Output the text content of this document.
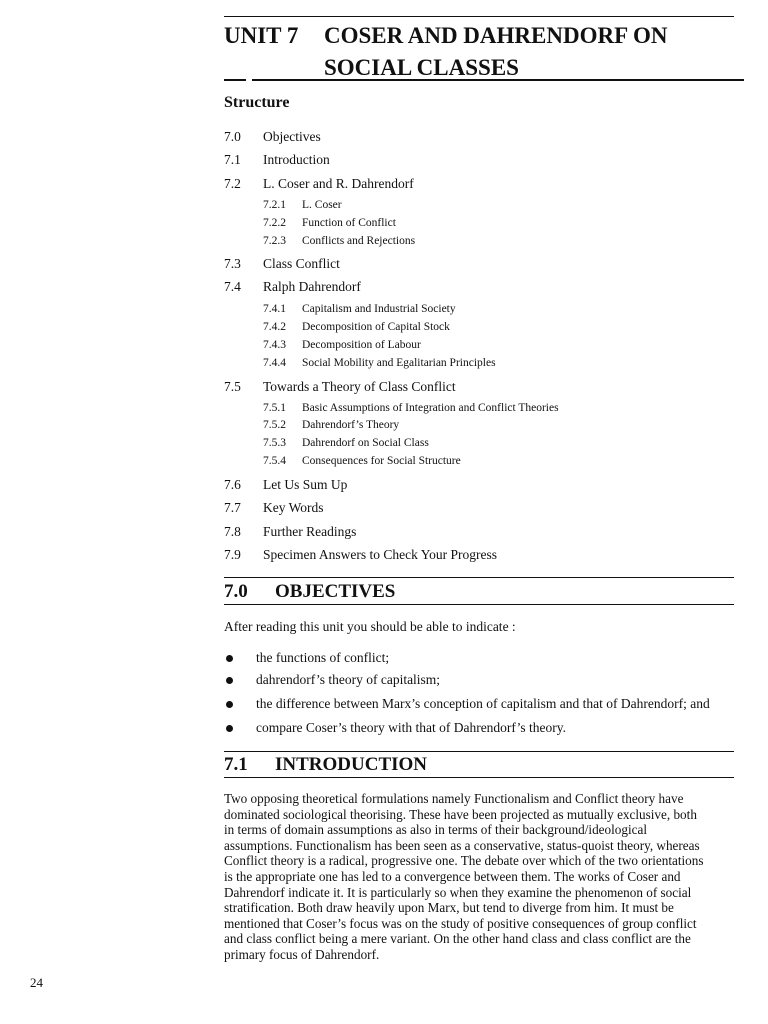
UNIT 7 COSER AND DAHRENDORF ON
SOCIAL CLASSES
Structure
7.0 Objectives
7.1 Introduction
7.2 L. Coser and R. Dahrendorf
7.2.1 L. Coser
7.2.2 Function of Conflict
7.2.3 Conflicts and Rejections
7.3 Class Conflict
7.4 Ralph Dahrendorf
7.4.1 Capitalism and Industrial Society
7.4.2 Decomposition of Capital Stock
7.4.3 Decomposition of Labour
7.4.4 Social Mobility and Egalitarian Principles
7.5 Towards a Theory of Class Conflict
7.5.1 Basic Assumptions of Integration and Conflict Theories
7.5.2 Dahrendorf’s Theory
7.5.3 Dahrendorf on Social Class
7.5.4 Consequences for Social Structure
7.6 Let Us Sum Up
7.7 Key Words
7.8 Further Readings
7.9 Specimen Answers to Check Your Progress
7.0 OBJECTIVES
After reading this unit you should be able to indicate :
the functions of conflict;
dahrendorf’s theory of capitalism;
the difference between Marx’s conception of capitalism and that of Dahrendorf; and
compare Coser’s theory with that of Dahrendorf’s theory.
7.1 INTRODUCTION
Two opposing theoretical formulations namely Functionalism and Conflict theory have
dominated sociological theorising. These have been projected as mutually exclusive, both
in terms of domain assumptions as also in terms of their background/ideological
assumptions. Functionalism has been seen as a conservative, status-quoist theory, whereas
Conflict theory is a radical, progressive one. The debate over which of the two orientations
is the appropriate one has led to a convergence between them. The works of Coser and
Dahrendorf indicate it. It is particularly so when they examine the phenomenon of social
stratification. Both draw heavily upon Marx, but tend to diverge from him. It must be
mentioned that Coser’s focus was on the study of positive consequences of group conflict
and class conflict being a mere variant. On the other hand class and class conflict are the
primary focus of Dahrendorf.
24
